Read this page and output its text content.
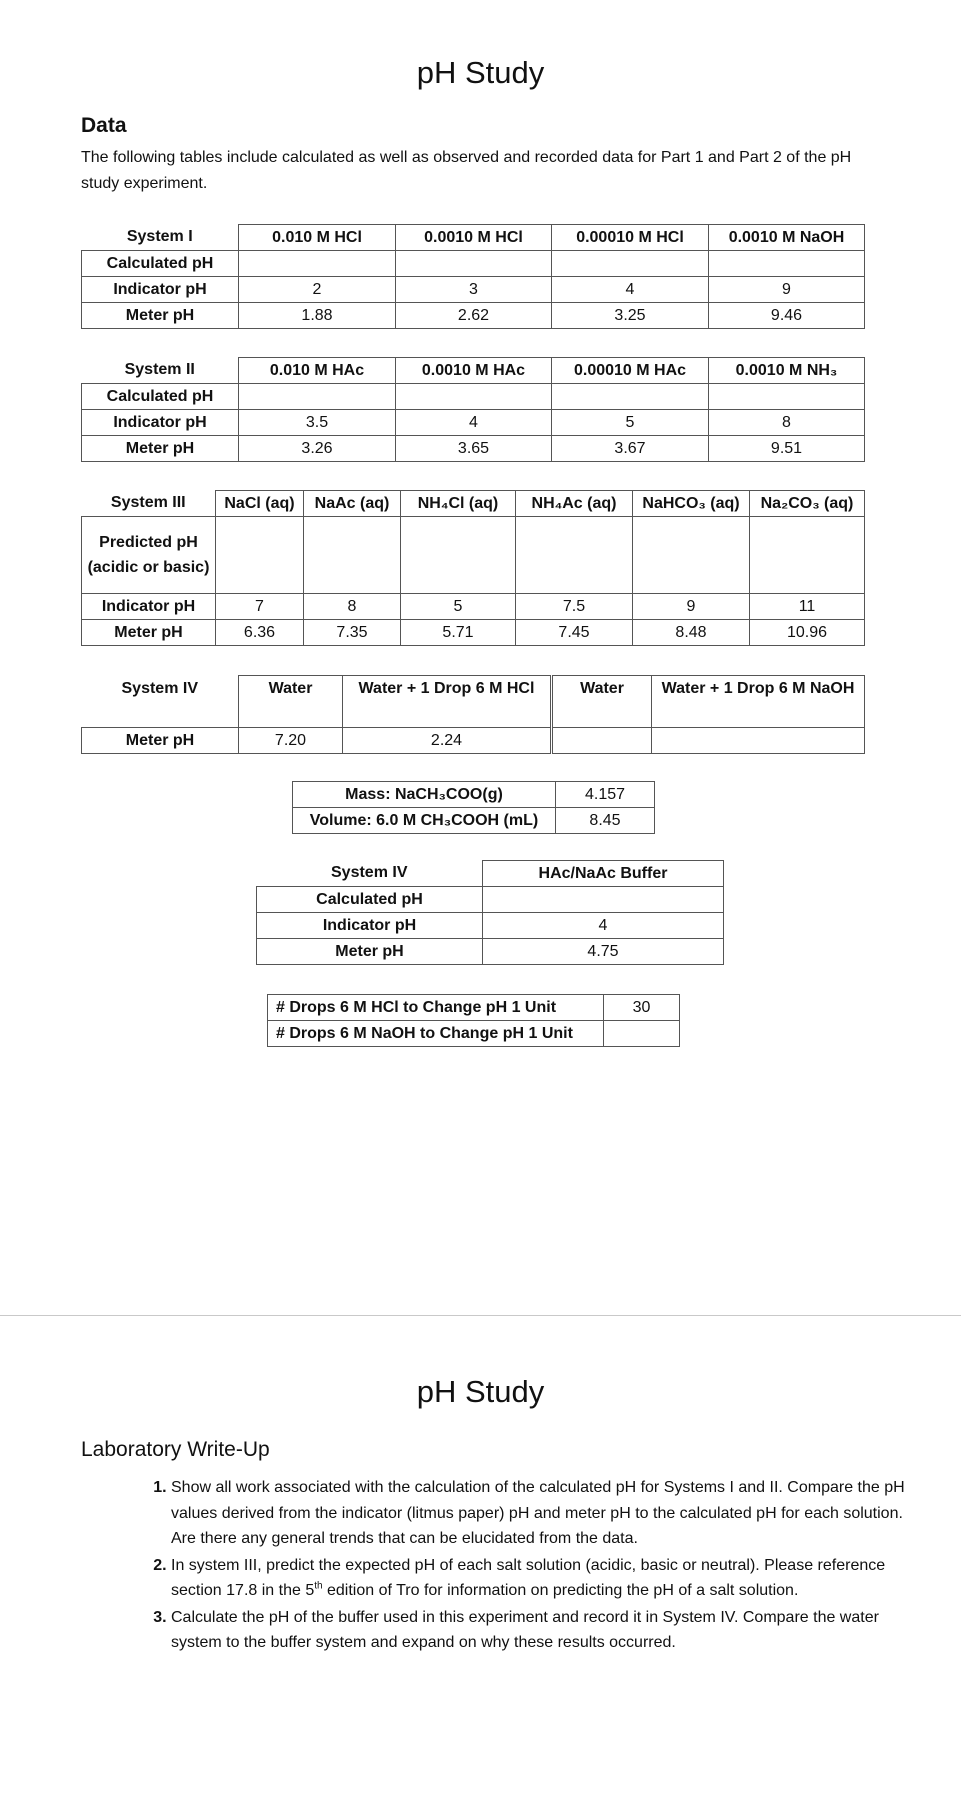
pH Study
Data

The following tables include calculated as well as observed and recorded data for Part 1 and Part 2 of the pH study experiment.

System I	0.010 M HCl	0.0010 M HCl	0.00010 M HCl	0.0010 M NaOH
Calculated pH				
Indicator pH	2	3	4	9
Meter pH	1.88	2.62	3.25	9.46
System II	0.010 M HAc	0.0010 M HAc	0.00010 M HAc	0.0010 M NH₃
Calculated pH				
Indicator pH	3.5	4	5	8
Meter pH	3.26	3.65	3.67	9.51
System III	NaCl (aq)	NaAc (aq)	NH₄Cl (aq)	NH₄Ac (aq)	NaHCO₃ (aq)	Na₂CO₃ (aq)
Predicted pH (acidic or basic)						
Indicator pH	7	8	5	7.5	9	11
Meter pH	6.36	7.35	5.71	7.45	8.48	10.96
System IV	Water	Water + 1 Drop 6 M HCl	Water	Water + 1 Drop 6 M NaOH
Meter pH	7.20	2.24		
Mass: NaCH₃COO(g)	4.157
Volume: 6.0 M CH₃COOH (mL)	8.45
System IV	HAc/NaAc Buffer
Calculated pH	
Indicator pH	4
Meter pH	4.75
# Drops 6 M HCl to Change pH 1 Unit	30
# Drops 6 M NaOH to Change pH 1 Unit	
pH Study
Laboratory Write-Up
1. Show all work associated with the calculation of the calculated pH for Systems I and II. Compare the pH values derived from the indicator (litmus paper) pH and meter pH to the calculated pH for each solution. Are there any general trends that can be elucidated from the data.
2. In system III, predict the expected pH of each salt solution (acidic, basic or neutral). Please reference section 17.8 in the 5th edition of Tro for information on predicting the pH of a salt solution.
3. Calculate the pH of the buffer used in this experiment and record it in System IV. Compare the water system to the buffer system and expand on why these results occurred.
